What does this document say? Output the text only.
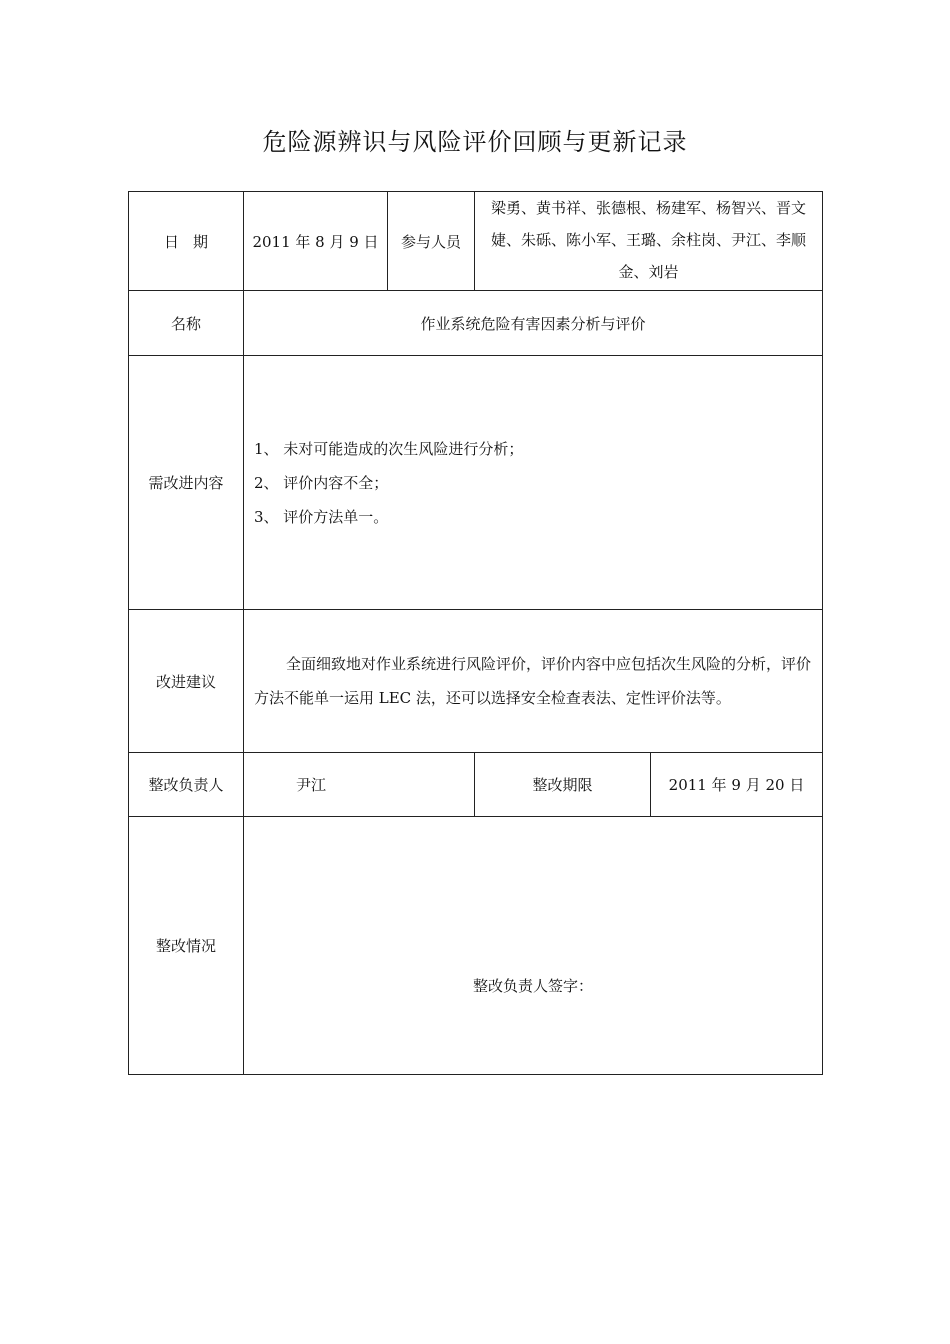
危险源辨识与风险评价回顾与更新记录
日期	2011 年 8 月 9 日	参与人员	梁勇、黄书祥、张德根、杨建军、杨智兴、晋文婕、朱砾、陈小军、王璐、余柱岗、尹江、李顺金、刘岩	
名称	作业系统危险有害因素分析与评价			
需改进内容	1、 未对可能造成的次生风险进行分析；
2、 评价内容不全；
3、 评价方法单一。			

改进建议	全面细致地对作业系统进行风险评价，评价内容中应包括次生风险的分析，评价方法不能单一运用 LEC 法，还可以选择安全检查表法、定性评价法等。			
整改负责人	尹江		整改期限	2011 年 9 月 20 日
整改情况	整改负责人签字：			
